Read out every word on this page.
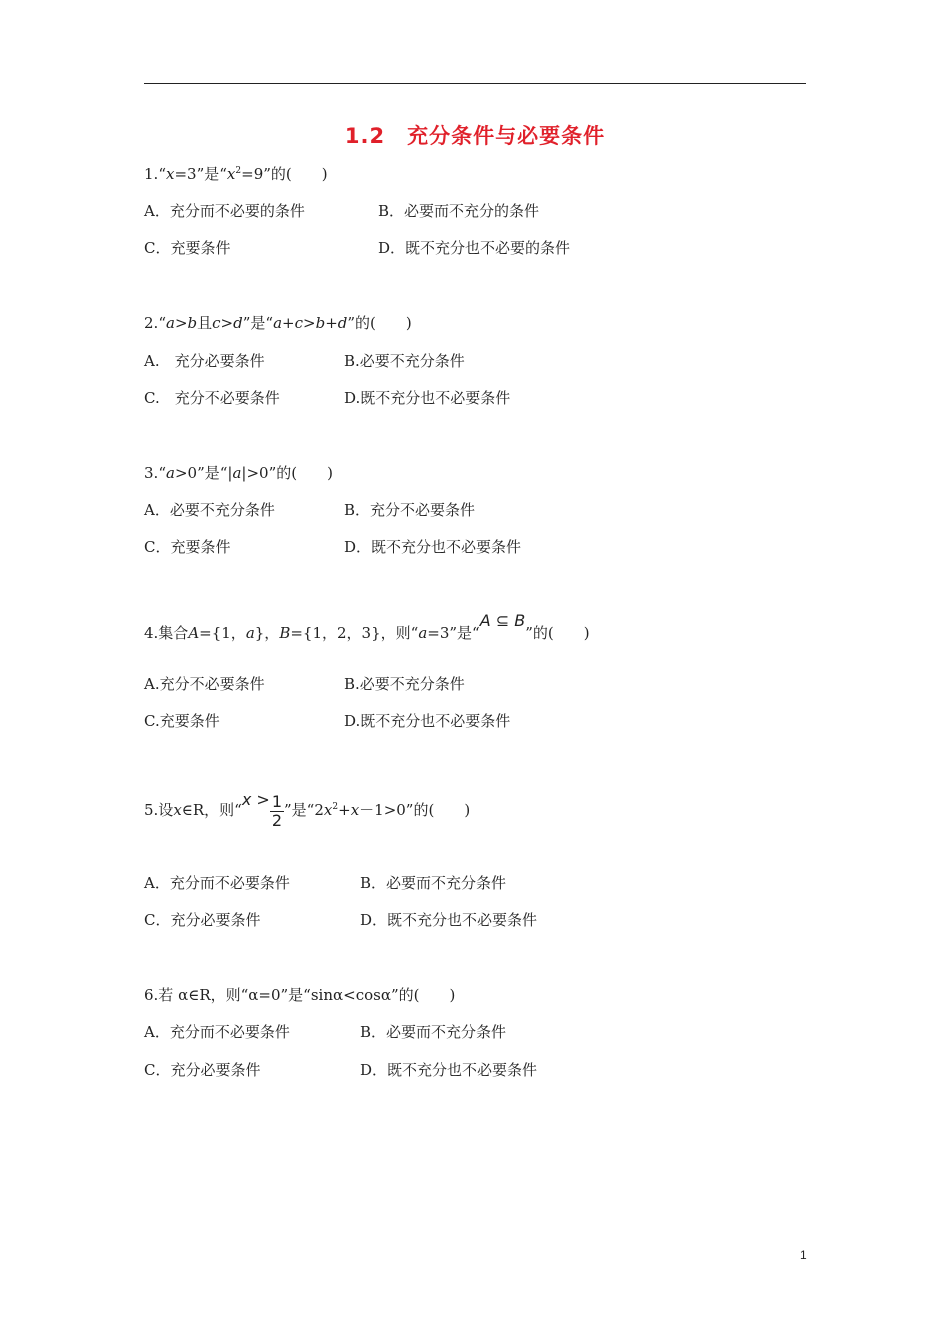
1.2　充分条件与必要条件
1.“x=3”是“$x^2=9$”的(　　)
A．充分而不必要的条件	B．必要而不充分的条件
C．充要条件	D．既不充分也不必要的条件
2.“a>b且c>d”是“a+c>b+d”的(　　)
A.　充分必要条件	B.必要不充分条件
C.　充分不必要条件	D.既不充分也不必要条件
3.“a>0”是“|a|>0”的(　　)
A．必要不充分条件	B．充分不必要条件
C．充要条件	D．既不充分也不必要条件
4.集合A={1，a}，B={1，2，3}，则“a=3”是“A ⊆ B”的(　　)
A.充分不必要条件	B.必要不充分条件
C.充要条件	D.既不充分也不必要条件
5.设x∈R，则“$x > \frac{1}{2}$ ”是“$2x^2+x-1>0$”的(　　)
A．充分而不必要条件	B．必要而不充分条件
C．充分必要条件	D．既不充分也不必要条件
6.若 α∈R，则“α=0”是“sinα<cosα”的(　　)
A．充分而不必要条件	B．必要而不充分条件
C．充分必要条件	D．既不充分也不必要条件
1
